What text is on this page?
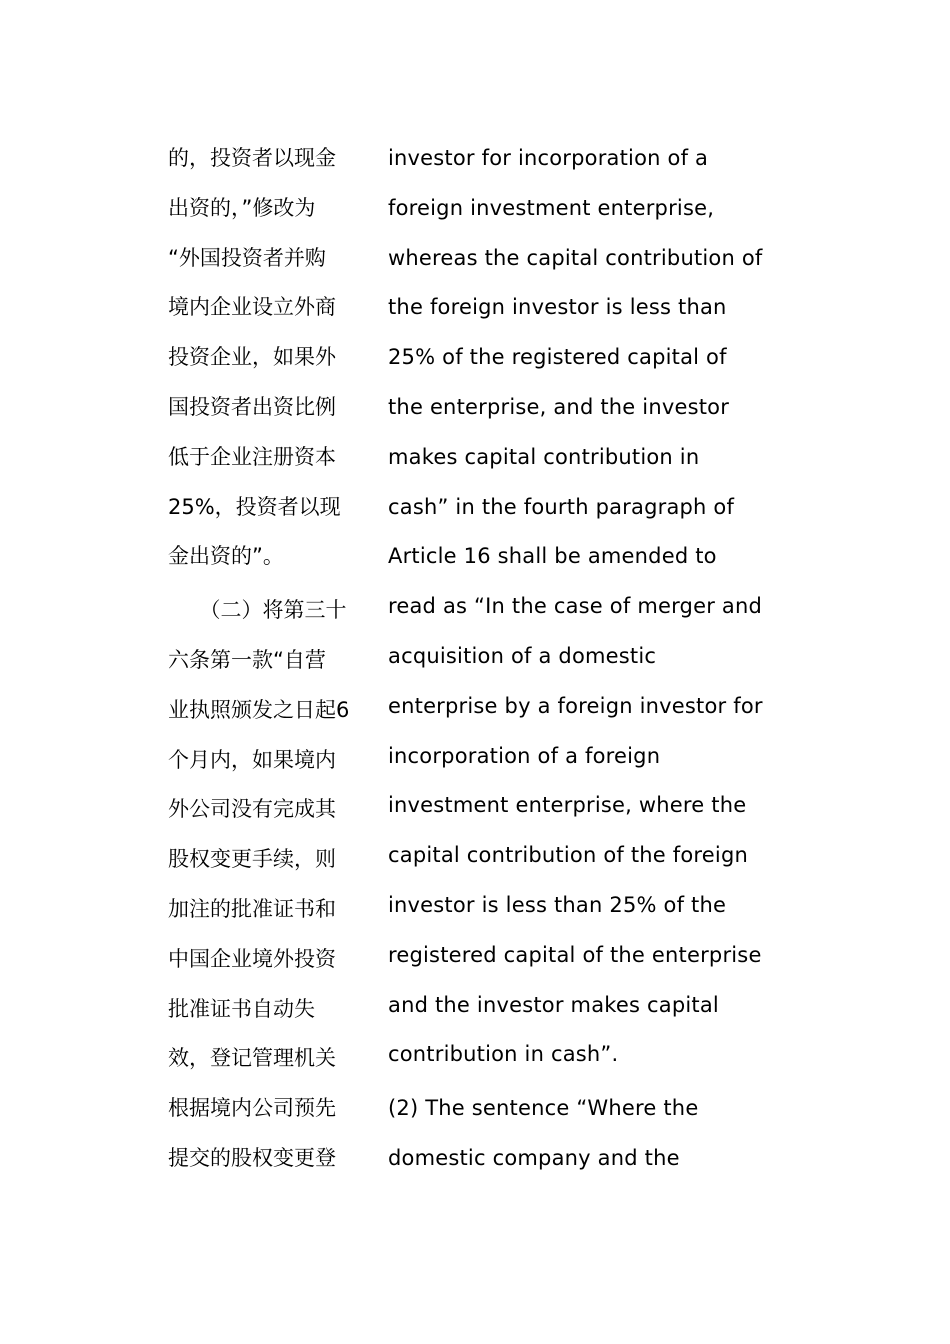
的，投资者以现金
出资的，”修改为
“外国投资者并购
境内企业设立外商
投资企业，如果外
国投资者出资比例
低于企业注册资本
25%，投资者以现
金出资的”。
　　（二）将第三十
六条第一款“自营
业执照颁发之日起6
个月内，如果境内
外公司没有完成其
股权变更手续，则
加注的批准证书和
中国企业境外投资
批准证书自动失
效，登记管理机关
根据境内公司预先
提交的股权变更登
investor for incorporation of a
foreign investment enterprise,
whereas the capital contribution of
the foreign investor is less than
25% of the registered capital of
the enterprise, and the investor
makes capital contribution in
cash” in the fourth paragraph of
Article 16 shall be amended to
read as “In the case of merger and
acquisition of a domestic
enterprise by a foreign investor for
incorporation of a foreign
investment enterprise, where the
capital contribution of the foreign
investor is less than 25% of the
registered capital of the enterprise
and the investor makes capital
contribution in cash”.
(2) The sentence “Where the
domestic company and the
